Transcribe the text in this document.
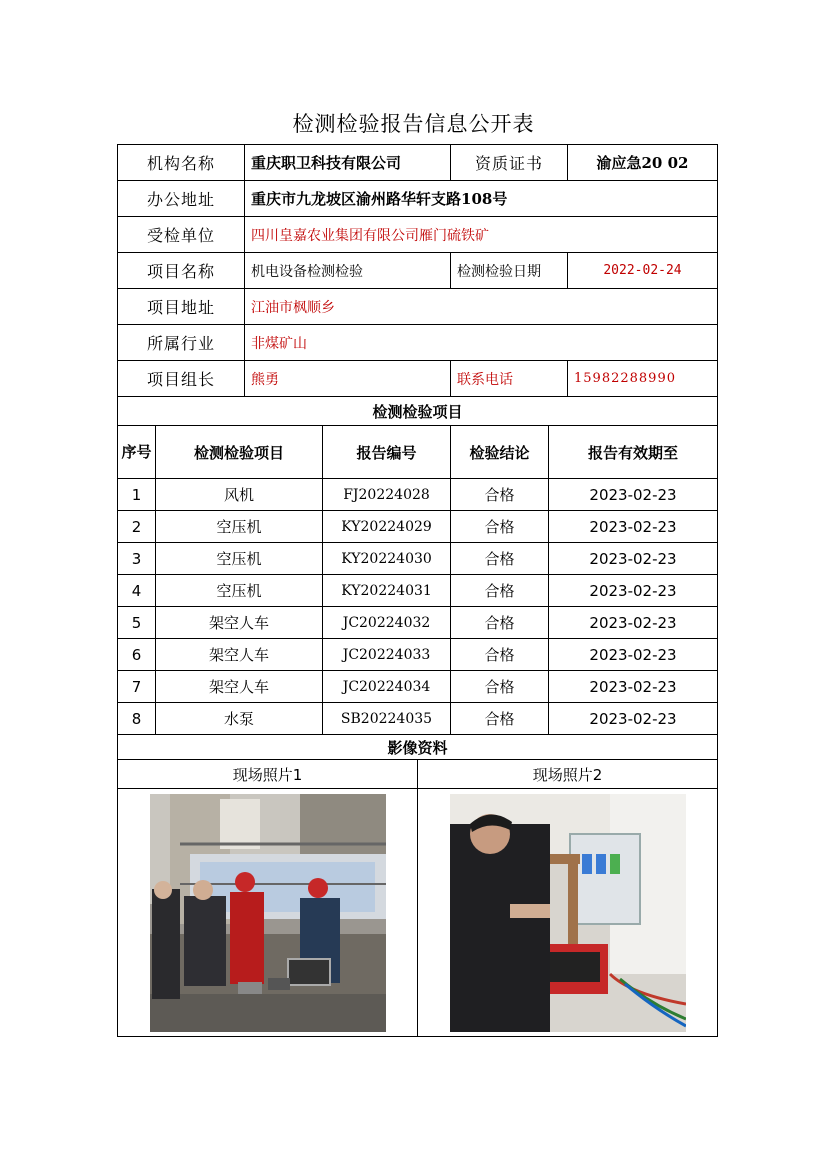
检测检验报告信息公开表
机构名称	重庆职卫科技有限公司	资质证书	渝应急20 02
办公地址	重庆市九龙坡区渝州路华轩支路108号		
受检单位	四川皇嘉农业集团有限公司雁门硫铁矿		
项目名称	机电设备检测检验	检测检验日期	2022-02-24
项目地址	江油市枫顺乡		
所属行业	非煤矿山		
项目组长	熊勇	联系电话	15982288990
检测检验项目				
序号	检测检验项目	报告编号	检验结论	报告有效期至
1	风机	FJ20224028	合格	2023-02-23
2	空压机	KY20224029	合格	2023-02-23
3	空压机	KY20224030	合格	2023-02-23
4	空压机	KY20224031	合格	2023-02-23
5	架空人车	JC20224032	合格	2023-02-23
6	架空人车	JC20224033	合格	2023-02-23
7	架空人车	JC20224034	合格	2023-02-23
8	水泵	SB20224035	合格	2023-02-23
影像资料				
现场照片1	现场照片2
